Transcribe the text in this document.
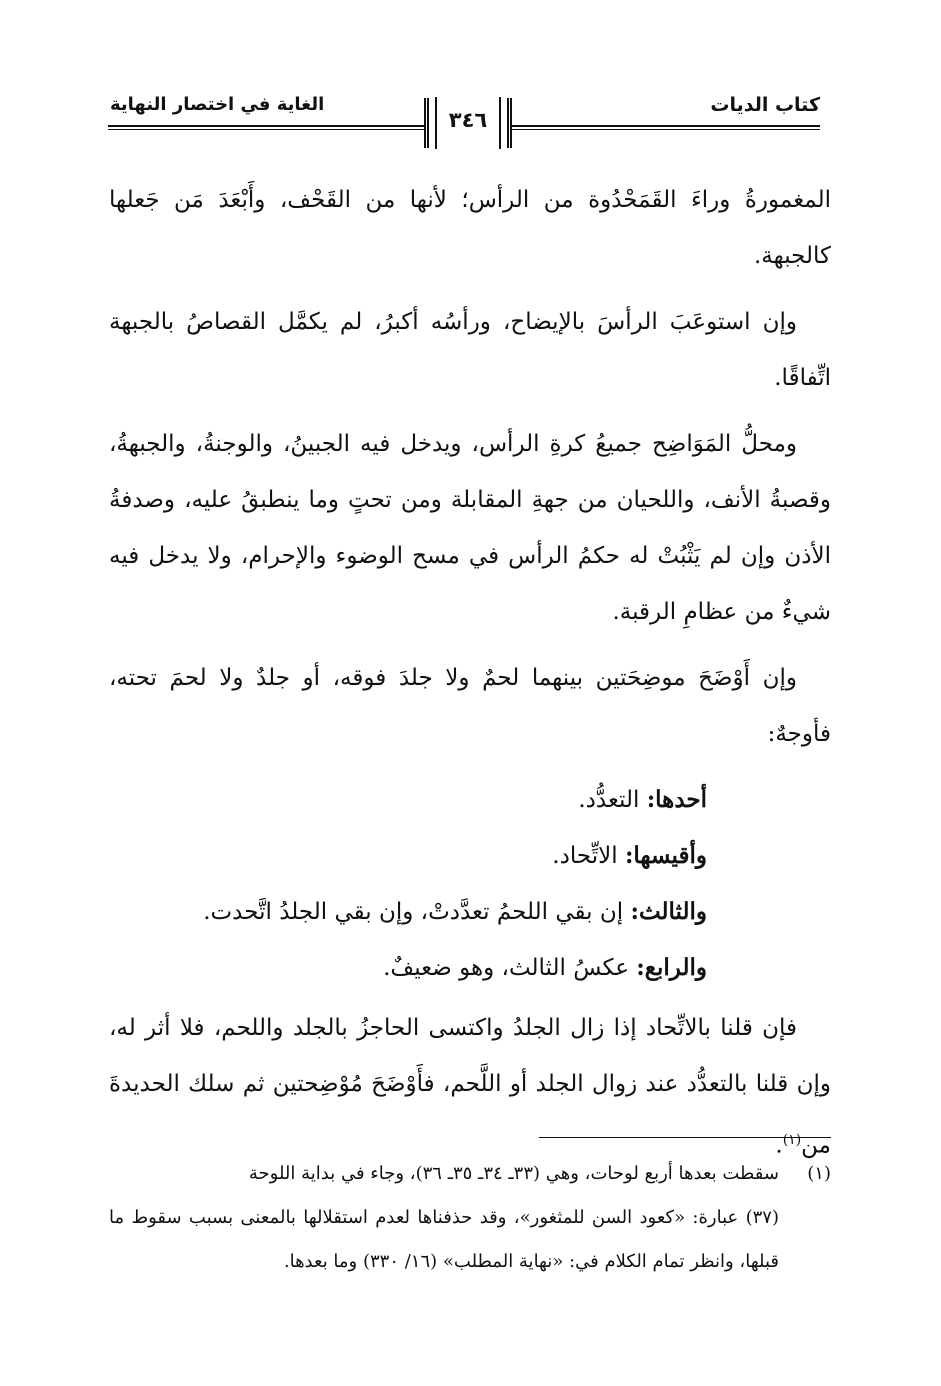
كتاب الديات
الغاية في اختصار النهاية
٣٤٦

المغمورةُ وراءَ القَمَحْدُوة من الرأس؛ لأنها من القَحْف، وأَبْعَدَ مَن جَعلها كالجبهة.

وإن استوعَبَ الرأسَ بالإيضاح، ورأسُه أكبرُ، لم يكمَّل القصاصُ بالجبهة اتِّفاقًا.

ومحلُّ المَوَاضِح جميعُ كرةِ الرأس، ويدخل فيه الجبينُ، والوجنةُ، والجبهةُ، وقصبةُ الأنف، واللحيان من جهةِ المقابلة ومن تحتٍ وما ينطبقُ عليه، وصدفةُ الأذن وإن لم يَثْبُتْ له حكمُ الرأس في مسح الوضوء والإحرام، ولا يدخل فيه شيءٌ من عظامِ الرقبة.

وإن أَوْضَحَ موضِحَتين بينهما لحمٌ ولا جلدَ فوقه، أو جلدٌ ولا لحمَ تحته، فأوجهٌ:

أحدها: التعدُّد.

وأقيسها: الاتِّحاد.

والثالث: إن بقي اللحمُ تعدَّدتْ، وإن بقي الجلدُ اتَّحدت.

والرابع: عكسُ الثالث، وهو ضعيفٌ.

فإن قلنا بالاتِّحاد إذا زال الجلدُ واكتسى الحاجزُ بالجلد واللحم، فلا أثر له، وإن قلنا بالتعدُّد عند زوال الجلد أو اللَّحم، فأَوْضَحَ مُوْضِحتين ثم سلك الحديدةَ من$^{(١)}$.

(١)سقطت بعدها أربع لوحات، وهي (٣٣ـ ٣٤ـ ٣٥ـ ٣٦)، وجاء في بداية اللوحة

(٣٧) عبارة: «كعود السن للمثغور»، وقد حذفناها لعدم استقلالها بالمعنى بسبب سقوط ما قبلها، وانظر تمام الكلام في: «نهاية المطلب» (١٦/ ٣٣٠) وما بعدها.
